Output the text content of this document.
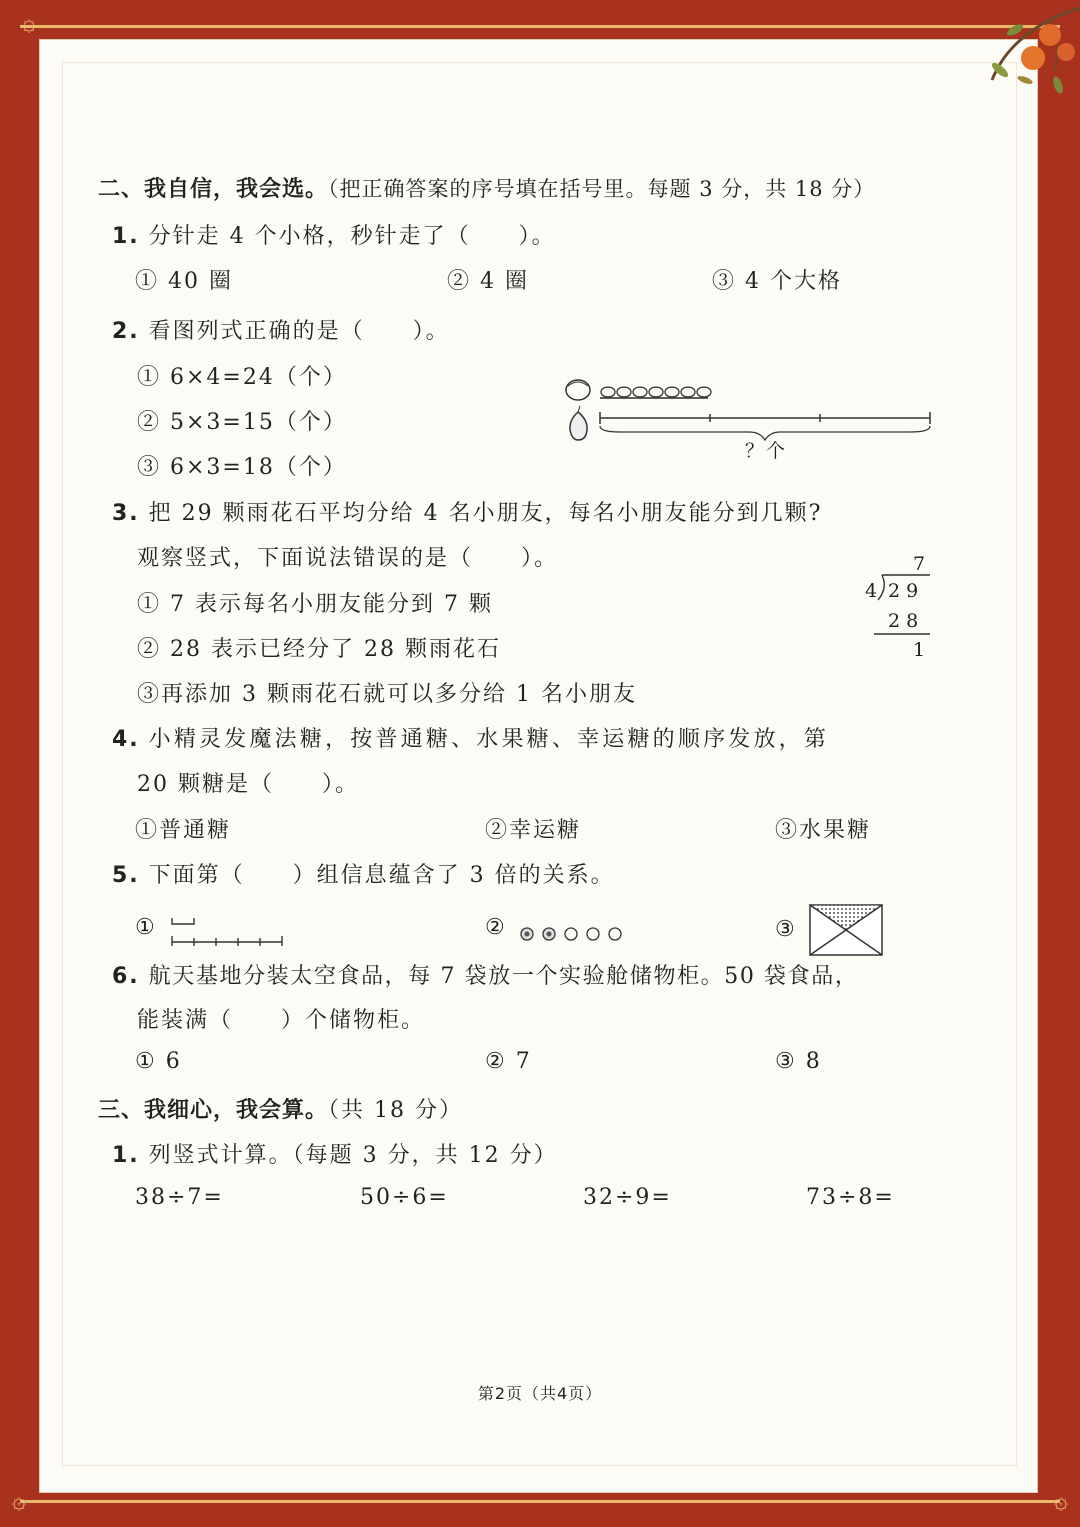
۞
۞	۞
二、我自信，我会选。（把正确答案的序号填在括号里。每题 3 分，共 18 分）
1. 分针走 4 个小格，秒针走了（　　）。
① 40 圈	② 4 圈	③ 4 个大格
2. 看图列式正确的是（　　）。
① 6×4=24（个）
② 5×3=15（个）
③ 6×3=18（个）
？个
3. 把 29 颗雨花石平均分给 4 名小朋友，每名小朋友能分到几颗?
观察竖式，下面说法错误的是（　　）。
① 7 表示每名小朋友能分到 7 颗
② 28 表示已经分了 28 颗雨花石
③再添加 3 颗雨花石就可以多分给 1 名小朋友
7
4 2 9
2 8
1
4. 小精灵发魔法糖，按普通糖、水果糖、幸运糖的顺序发放，第
20 颗糖是（　　）。
①普通糖	②幸运糖	③水果糖
5. 下面第（　　）组信息蕴含了 3 倍的关系。
①	②	③
6. 航天基地分装太空食品，每 7 袋放一个实验舱储物柜。50 袋食品，
能装满（　　）个储物柜。
① 6	② 7	③ 8
三、我细心，我会算。（共 18 分）
1. 列竖式计算。（每题 3 分，共 12 分）
38÷7=	50÷6=	32÷9=	73÷8=
第2页（共4页）
